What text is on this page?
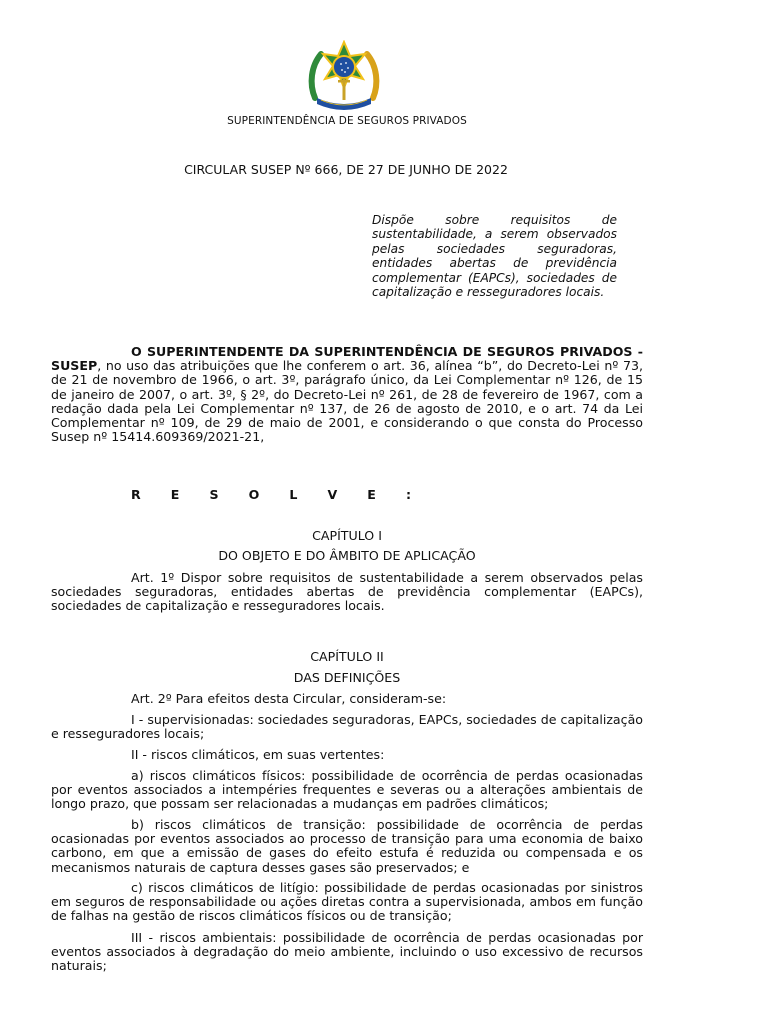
SUPERINTENDÊNCIA DE SEGUROS PRIVADOS
CIRCULAR SUSEP Nº 666, DE 27 DE JUNHO DE 2022
Dispõe sobre requisitos de sustentabilidade, a serem observados pelas sociedades seguradoras, entidades abertas de previdência complementar (EAPCs), sociedades de capitalização e resseguradores locais.

O SUPERINTENDENTE DA SUPERINTENDÊNCIA DE SEGUROS PRIVADOS - SUSEP, no uso das atribuições que lhe conferem o art. 36, alínea “b”, do Decreto-Lei nº 73, de 21 de novembro de 1966, o art. 3º, parágrafo único, da Lei Complementar nº 126, de 15 de janeiro de 2007, o art. 3º, § 2º, do Decreto-Lei nº 261, de 28 de fevereiro de 1967, com a redação dada pela Lei Complementar nº 137, de 26 de agosto de 2010, e o art. 74 da Lei Complementar nº 109, de 29 de maio de 2001, e considerando o que consta do Processo Susep nº 15414.609369/2021-21,

R E S O L V E :
CAPÍTULO I
DO OBJETO E DO ÂMBITO DE APLICAÇÃO

Art. 1º Dispor sobre requisitos de sustentabilidade a serem observados pelas sociedades seguradoras, entidades abertas de previdência complementar (EAPCs), sociedades de capitalização e resseguradores locais.

CAPÍTULO II
DAS DEFINIÇÕES

Art. 2º Para efeitos desta Circular, consideram-se:

I - supervisionadas: sociedades seguradoras, EAPCs, sociedades de capitalização e resseguradores locais;

II - riscos climáticos, em suas vertentes:

a) riscos climáticos físicos: possibilidade de ocorrência de perdas ocasionadas por eventos associados a intempéries frequentes e severas ou a alterações ambientais de longo prazo, que possam ser relacionadas a mudanças em padrões climáticos;

b) riscos climáticos de transição: possibilidade de ocorrência de perdas ocasionadas por eventos associados ao processo de transição para uma economia de baixo carbono, em que a emissão de gases do efeito estufa é reduzida ou compensada e os mecanismos naturais de captura desses gases são preservados; e

c) riscos climáticos de litígio: possibilidade de perdas ocasionadas por sinistros em seguros de responsabilidade ou ações diretas contra a supervisionada, ambos em função de falhas na gestão de riscos climáticos físicos ou de transição;

III - riscos ambientais: possibilidade de ocorrência de perdas ocasionadas por eventos associados à degradação do meio ambiente, incluindo o uso excessivo de recursos naturais;
